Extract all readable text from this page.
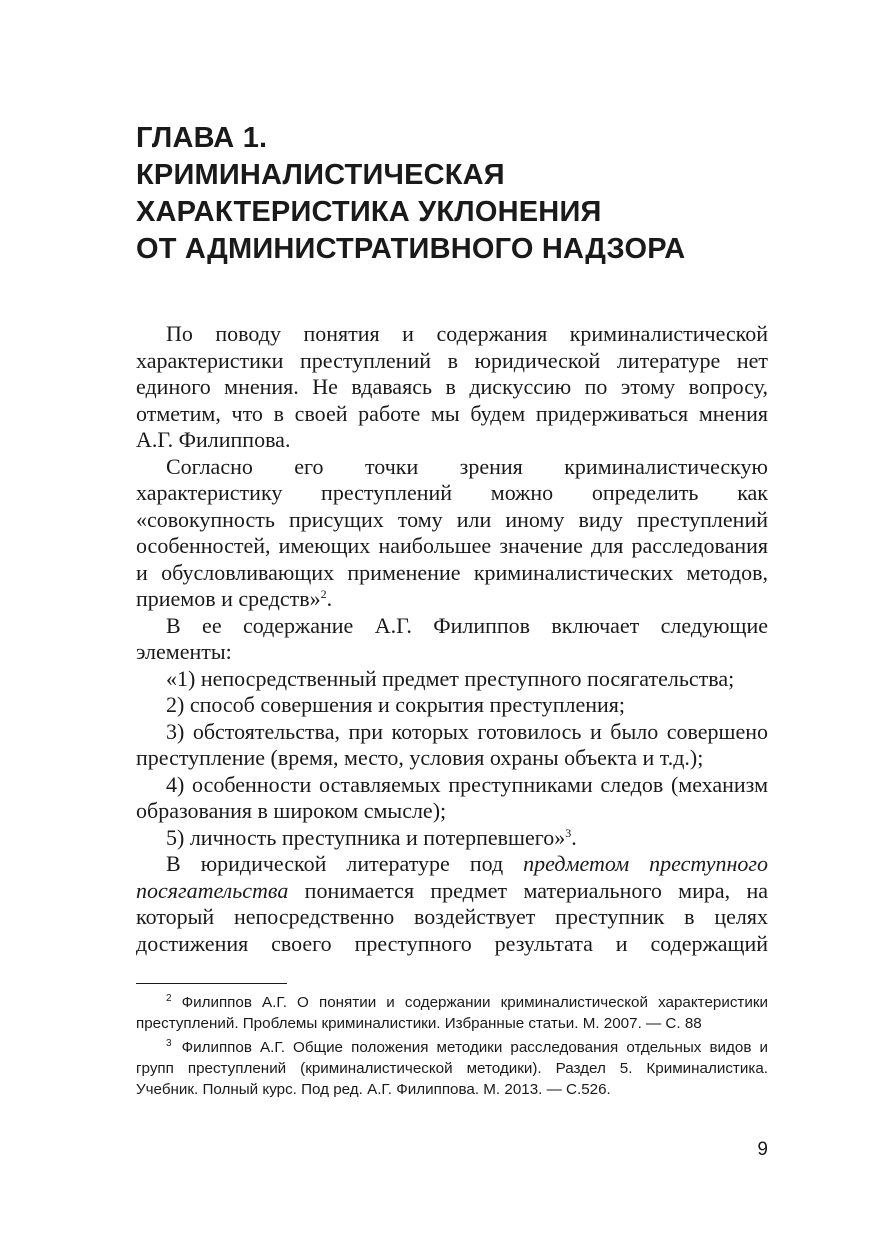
ГЛАВА 1.
КРИМИНАЛИСТИЧЕСКАЯ
ХАРАКТЕРИСТИКА УКЛОНЕНИЯ
ОТ АДМИНИСТРАТИВНОГО НАДЗОРА

По поводу понятия и содержания криминалистической характеристики преступлений в юридической литературе нет единого мнения. Не вдаваясь в дискуссию по этому вопросу, отметим, что в своей работе мы будем придерживаться мнения А.Г. Филиппова.

Согласно его точки зрения криминалистическую характеристику преступлений можно определить как «совокупность присущих тому или иному виду преступлений особенностей, имеющих наибольшее значение для расследования и обусловливающих применение криминалистических методов, приемов и средств»$^2$.

В ее содержание А.Г. Филиппов включает следующие элементы:

«1) непосредственный предмет преступного посягательства;

2) способ совершения и сокрытия преступления;

3) обстоятельства, при которых готовилось и было совершено преступление (время, место, условия охраны объекта и т.д.);

4) особенности оставляемых преступниками следов (механизм образования в широком смысле);

5) личность преступника и потерпевшего»$^3$.

В юридической литературе под предметом преступного посягательства понимается предмет материального мира, на который непосредственно воздействует преступник в целях достижения своего преступного результата и содержащий

$^2$ Филиппов А.Г. О понятии и содержании криминалистической характеристики преступлений. Проблемы криминалистики. Избранные статьи. М. 2007. — С. 88

$^3$ Филиппов А.Г. Общие положения методики расследования отдельных видов и групп преступлений (криминалистической методики). Раздел 5. Криминалистика. Учебник. Полный курс. Под ред. А.Г. Филиппова. М. 2013. — С.526.

9
